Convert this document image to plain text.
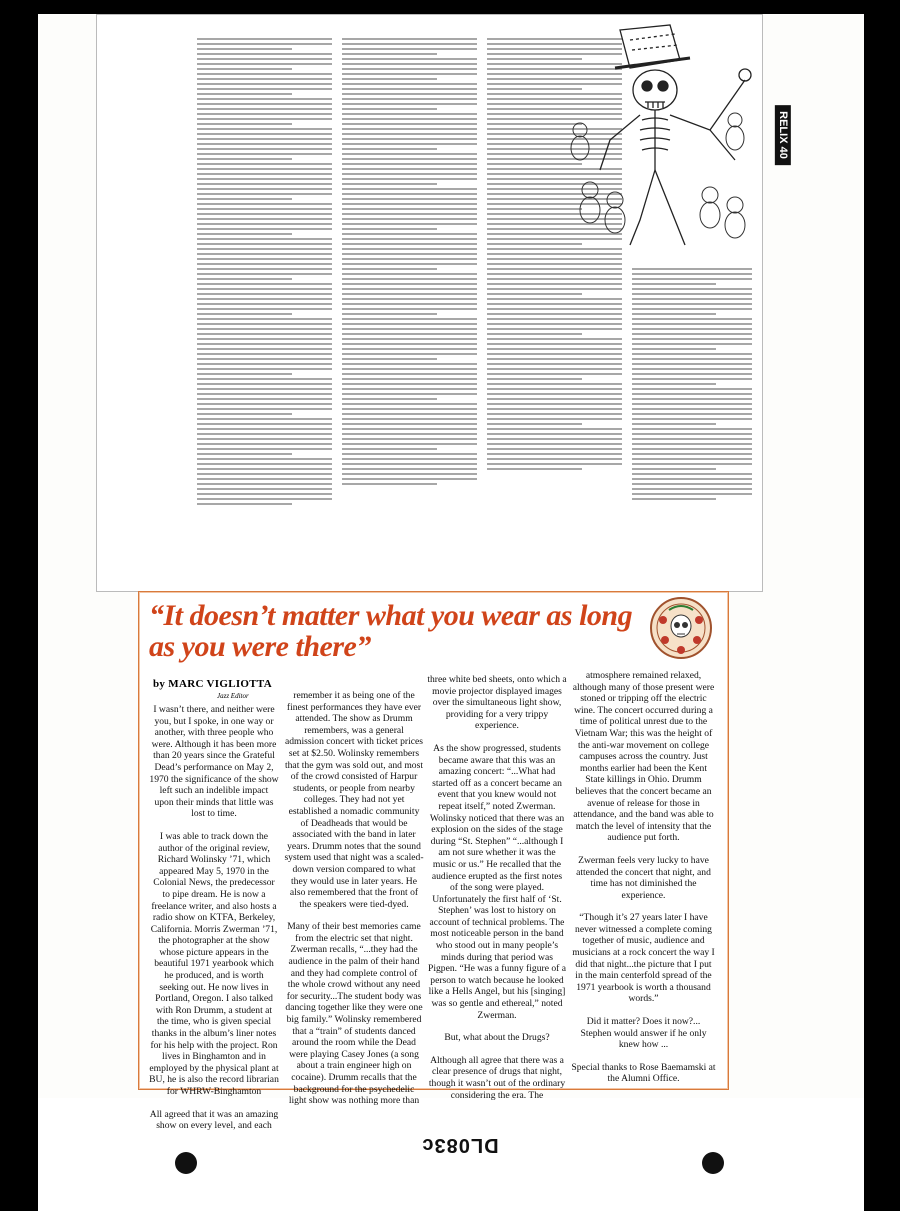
RELIX 40
“It doesn’t matter what you wear as long as you were there”
by MARC VIGLIOTTA
Jazz Editor

I wasn’t there, and neither were you, but I spoke, in one way or another, with three people who were. Although it has been more than 20 years since the Grateful Dead’s performance on May 2, 1970 the significance of the show left such an indelible impact upon their minds that little was lost to time.

I was able to track down the author of the original review, Richard Wolinsky ’71, which appeared May 5, 1970 in the Colonial News, the predecessor to pipe dream. He is now a freelance writer, and also hosts a radio show on KTFA, Berkeley, California. Morris Zwerman ’71, the photographer at the show whose picture appears in the beautiful 1971 yearbook which he produced, and is worth seeking out. He now lives in Portland, Oregon. I also talked with Ron Drumm, a student at the time, who is given special thanks in the album’s liner notes for his help with the project. Ron lives in Binghamton and in employed by the physical plant at BU, he is also the record librarian for WHRW-Binghamton

All agreed that it was an amazing show on every level, and each

remember it as being one of the finest performances they have ever attended. The show as Drumm remembers, was a general admission concert with ticket prices set at $2.50. Wolinsky remembers that the gym was sold out, and most of the crowd consisted of Harpur students, or people from nearby colleges. They had not yet established a nomadic community of Deadheads that would be associated with the band in later years. Drumm notes that the sound system used that night was a scaled-down version compared to what they would use in later years. He also remembered that the front of the speakers were tied-dyed.

Many of their best memories came from the electric set that night. Zwerman recalls, “...they had the audience in the palm of their hand and they had complete control of the whole crowd without any need for security...The student body was dancing together like they were one big family.” Wolinsky remembered that a “train” of students danced around the room while the Dead were playing Casey Jones (a song about a train engineer high on cocaine). Drumm recalls that the background for the psychedelic light show was nothing more than

three white bed sheets, onto which a movie projector displayed images over the simultaneous light show, providing for a very trippy experience.

As the show progressed, students became aware that this was an amazing concert: “...What had started off as a concert became an event that you knew would not repeat itself,” noted Zwerman. Wolinsky noticed that there was an explosion on the sides of the stage during “St. Stephen” “...although I am not sure whether it was the music or us.” He recalled that the audience erupted as the first notes of the song were played. Unfortunately the first half of ‘St. Stephen’ was lost to history on account of technical problems. The most noticeable person in the band who stood out in many people’s minds during that period was Pigpen. “He was a funny figure of a person to watch because he looked like a Hells Angel, but his [singing] was so gentle and ethereal,” noted Zwerman.

But, what about the Drugs?

Although all agree that there was a clear presence of drugs that night, though it wasn’t out of the ordinary considering the era. The

atmosphere remained relaxed, although many of those present were stoned or tripping off the electric wine. The concert occurred during a time of political unrest due to the Vietnam War; this was the height of the anti-war movement on college campuses across the country. Just months earlier had been the Kent State killings in Ohio. Drumm believes that the concert became an avenue of release for those in attendance, and the band was able to match the level of intensity that the audience put forth.

Zwerman feels very lucky to have attended the concert that night, and time has not diminished the experience.

“Though it’s 27 years later I have never witnessed a complete coming together of music, audience and musicians at a rock concert the way I did that night...the picture that I put in the main centerfold spread of the 1971 yearbook is worth a thousand words.”

Did it matter? Does it now?... Stephen would answer if he only knew how ...

Special thanks to Rose Baemamski at the Alumni Office.

DL083c
